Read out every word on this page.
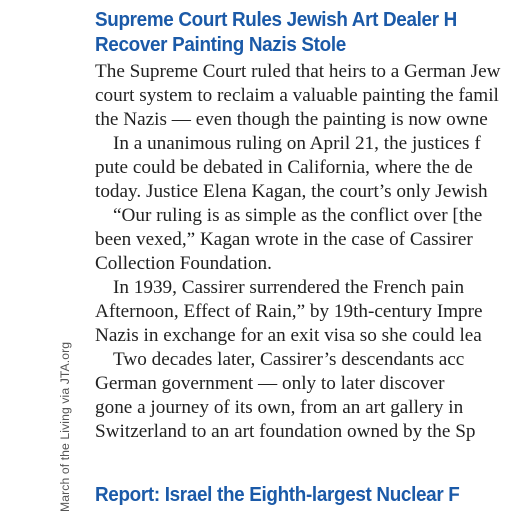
March of the Living via JTA.org
Supreme Court Rules Jewish Art Dealer H
Recover Painting Nazis Stole
The Supreme Court ruled that heirs to a German Jew
court system to reclaim a valuable painting the famil
the Nazis — even though the painting is now owne
In a unanimous ruling on April 21, the justices f
pute could be debated in California, where the de
today. Justice Elena Kagan, the court’s only Jewish
“Our ruling is as simple as the conflict over [the
been vexed,” Kagan wrote in the case of Cassirer
Collection Foundation.
In 1939, Cassirer surrendered the French pain
Afternoon, Effect of Rain,” by 19th-century Impre
Nazis in exchange for an exit visa so she could lea
Two decades later, Cassirer’s descendants acc
German government — only to later discover
gone a journey of its own, from an art gallery in
Switzerland to an art foundation owned by the Sp
Report: Israel the Eighth-largest Nuclear F
